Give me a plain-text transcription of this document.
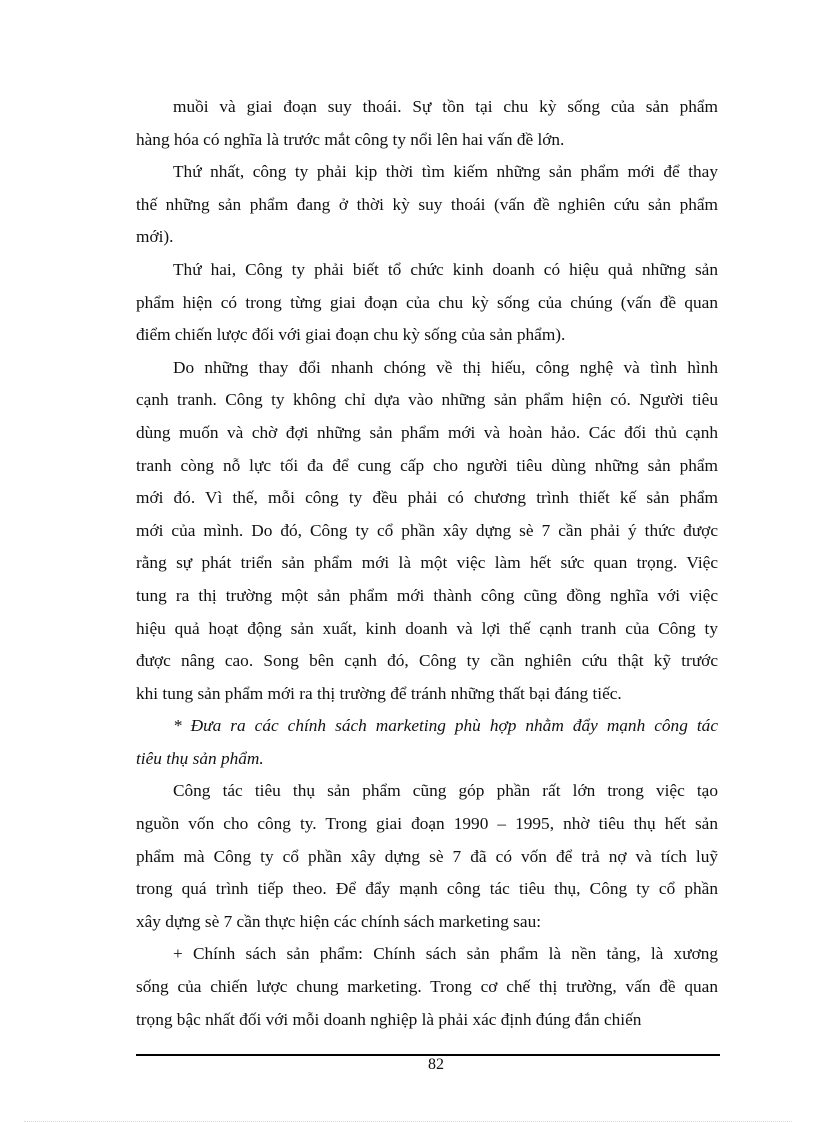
muồi và giai đoạn suy thoái. Sự tồn tại chu kỳ sống của sản phẩm
hàng hóa có nghĩa là trước mắt công ty nổi lên hai vấn đề lớn.
Thứ nhất, công ty phải kịp thời tìm kiếm những sản phẩm mới để thay
thế những sản phẩm đang ở thời kỳ suy thoái (vấn đề nghiên cứu sản phẩm
mới).
Thứ hai, Công ty phải biết tổ chức kinh doanh có hiệu quả những sản
phẩm hiện có trong từng giai đoạn của chu kỳ sống của chúng (vấn đề quan
điểm chiến lược đối với giai đoạn chu kỳ sống của sản phẩm).
Do những thay đổi nhanh chóng về thị hiếu, công nghệ và tình hình
cạnh tranh. Công ty không chỉ dựa vào những sản phẩm hiện có. Người tiêu
dùng muốn và chờ đợi những sản phẩm mới và hoàn hảo. Các đối thủ cạnh
tranh còng nỗ lực tối đa để cung cấp cho người tiêu dùng những sản phẩm
mới đó. Vì thế, mỗi công ty đều phải có chương trình thiết kế sản phẩm
mới của mình. Do đó, Công ty cổ phần xây dựng sè 7 cần phải ý thức được
rằng sự phát triển sản phẩm mới là một việc làm hết sức quan trọng. Việc
tung ra thị trường một sản phẩm mới thành công cũng đồng nghĩa với việc
hiệu quả hoạt động sản xuất, kinh doanh và lợi thế cạnh tranh của Công ty
được nâng cao. Song bên cạnh đó, Công ty cần nghiên cứu thật kỹ trước
khi tung sản phẩm mới ra thị trường để tránh những thất bại đáng tiếc.
* Đưa ra các chính sách marketing phù hợp nhằm đẩy mạnh công tác
tiêu thụ sản phẩm.
Công tác tiêu thụ sản phẩm cũng góp phần rất lớn trong việc tạo
nguồn vốn cho công ty. Trong giai đoạn 1990 – 1995, nhờ tiêu thụ hết sản
phẩm mà Công ty cổ phần xây dựng sè 7 đã có vốn để trả nợ và tích luỹ
trong quá trình tiếp theo. Để đẩy mạnh công tác tiêu thụ, Công ty cổ phần
xây dựng sè 7 cần thực hiện các chính sách marketing sau:
+ Chính sách sản phẩm: Chính sách sản phẩm là nền tảng, là xương
sống của chiến lược chung marketing. Trong cơ chế thị trường, vấn đề quan
trọng bậc nhất đối với mỗi doanh nghiệp là phải xác định đúng đắn chiến
82
